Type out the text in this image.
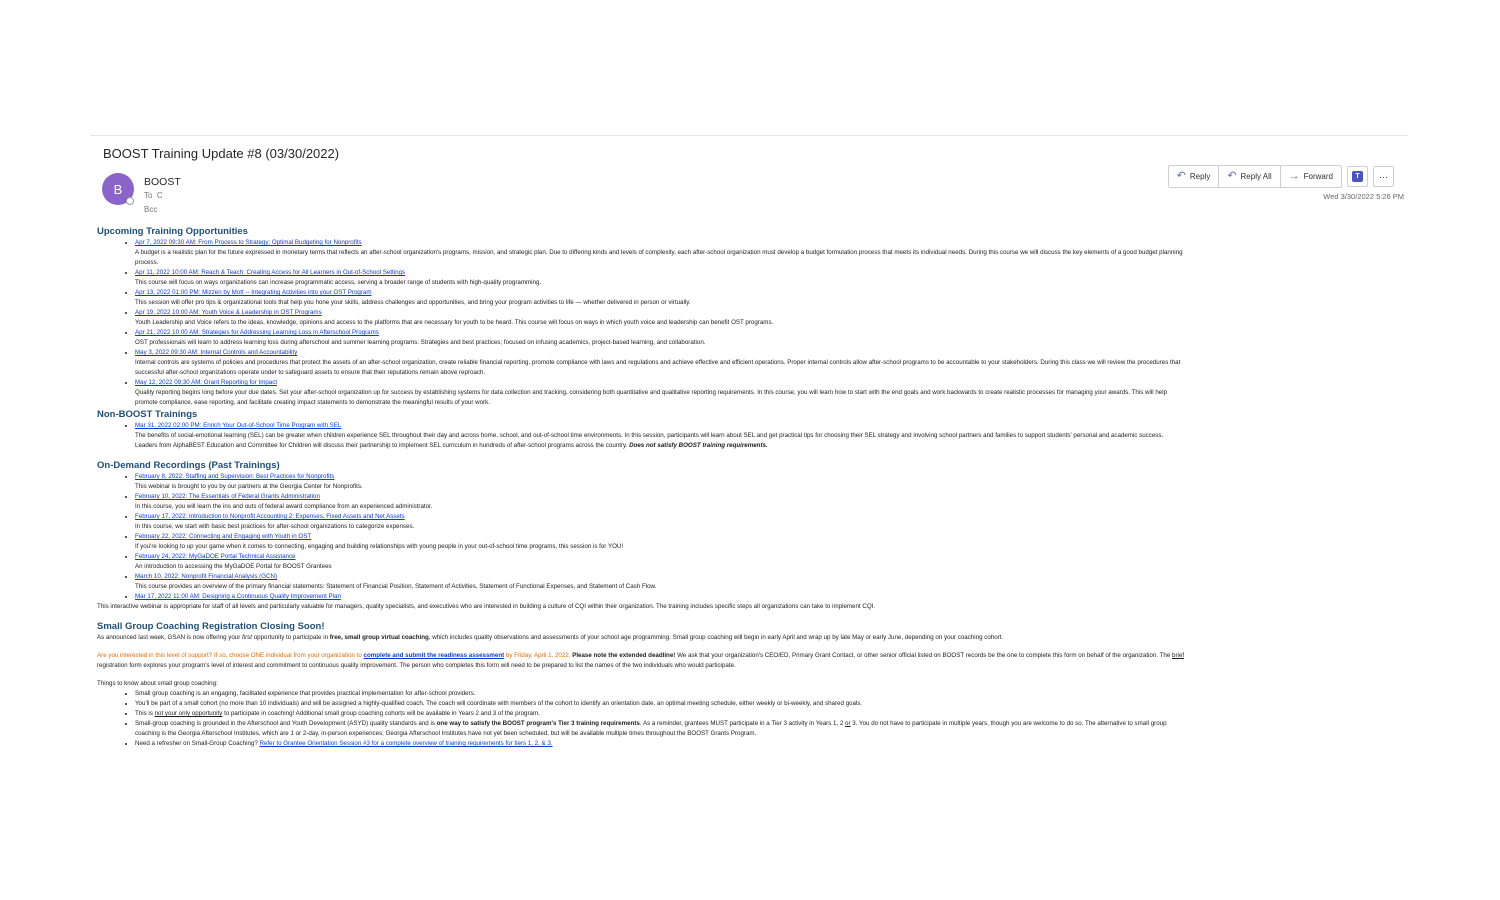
BOOST Training Update #8 (03/30/2022)
B BOOST
To C
Bcc
↶ Reply ↶ Reply All → Forward	T	···
Wed 3/30/2022 5:26 PM
Upcoming Training Opportunities
• Apr 7, 2022 09:30 AM: From Process to Strategy: Optimal Budgeting for Nonprofits
A budget is a realistic plan for the future expressed in monetary terms that reflects an after-school organization's programs, mission, and strategic plan. Due to differing kinds and levels of complexity, each after-school organization must develop a budget formulation process that meets its individual needs. During this course we will discuss the key elements of a good budget planning process.
• Apr 11, 2022 10:00 AM: Reach & Teach: Creating Access for All Learners in Out-of-School Settings
This course will focus on ways organizations can increase programmatic access, serving a broader range of students with high-quality programming.
• Apr 13, 2022 01:00 PM: Mizzen by Mott -- Integrating Activities into your OST Program
This session will offer pro tips & organizational tools that help you hone your skills, address challenges and opportunities, and bring your program activities to life — whether delivered in person or virtually.
• Apr 19, 2022 10:00 AM: Youth Voice & Leadership in OST Programs
Youth Leadership and Voice refers to the ideas, knowledge, opinions and access to the platforms that are necessary for youth to be heard. This course will focus on ways in which youth voice and leadership can benefit OST programs.
• Apr 21, 2022 10:00 AM: Strategies for Addressing Learning Loss in Afterschool Programs
OST professionals will learn to address learning loss during afterschool and summer learning programs. Strategies and best practices; focused on infusing academics, project-based learning, and collaboration.
• May 3, 2022 09:30 AM: Internal Controls and Accountability
Internal controls are systems of policies and procedures that protect the assets of an after-school organization, create reliable financial reporting, promote compliance with laws and regulations and achieve effective and efficient operations. Proper internal controls allow after-school programs to be accountable to your stakeholders. During this class we will review the procedures that successful after-school organizations operate under to safeguard assets to ensure that their reputations remain above reproach.
• May 12, 2022 09:30 AM: Grant Reporting for Impact
Quality reporting begins long before your due dates. Set your after-school organization up for success by establishing systems for data collection and tracking, considering both quantitative and qualitative reporting requirements. In this course, you will learn how to start with the end goals and work backwards to create realistic processes for managing your awards. This will help promote compliance, ease reporting, and facilitate creating impact statements to demonstrate the meaningful results of your work.
Non-BOOST Trainings
• Mar 31, 2022 02:00 PM: Enrich Your Out-of-School Time Program with SEL
The benefits of social-emotional learning (SEL) can be greater when children experience SEL throughout their day and across home, school, and out-of-school time environments. In this session, participants will learn about SEL and get practical tips for choosing their SEL strategy and involving school partners and families to support students' personal and academic success. Leaders from AlphaBEST Education and Committee for Children will discuss their partnership to implement SEL curriculum in hundreds of after-school programs across the country. Does not satisfy BOOST training requirements.
On-Demand Recordings (Past Trainings)
• February 8, 2022: Staffing and Supervision: Best Practices for Nonprofits
This webinar is brought to you by our partners at the Georgia Center for Nonprofits.
• February 10, 2022: The Essentials of Federal Grants Administration
In this course, you will learn the ins and outs of federal award compliance from an experienced administrator.
• February 17, 2022: Introduction to Nonprofit Accounting 2: Expenses, Fixed Assets and Net Assets
In this course, we start with basic best practices for after-school organizations to categorize expenses.
• February 22, 2022: Connecting and Engaging with Youth in OST
If you're looking to up your game when it comes to connecting, engaging and building relationships with young people in your out-of-school time programs, this session is for YOU!
• February 24, 2022: MyGaDOE Portal Technical Assistance
An introduction to accessing the MyGaDOE Portal for BOOST Grantees
• March 10, 2022: Nonprofit Financial Analysis (GCN)
This course provides an overview of the primary financial statements: Statement of Financial Position, Statement of Activities, Statement of Functional Expenses, and Statement of Cash Flow.
• Mar 17, 2022 11:00 AM: Designing a Continuous Quality Improvement Plan

This interactive webinar is appropriate for staff of all levels and particularly valuable for managers, quality specialists, and executives who are interested in building a culture of CQI within their organization. The training includes specific steps all organizations can take to implement CQI.

Small Group Coaching Registration Closing Soon!

As announced last week, GSAN is now offering your first opportunity to participate in free, small group virtual coaching, which includes quality observations and assessments of your school age programming. Small group coaching will begin in early April and wrap up by late May or early June, depending on your coaching cohort.

Are you interested in this level of support? If so, choose ONE individual from your organization to complete and submit the readiness assessment by Friday, April 1, 2022. Please note the extended deadline! We ask that your organization's CEO/ED, Primary Grant Contact, or other senior official listed on BOOST records be the one to complete this form on behalf of the organization. The brief registration form explores your program's level of interest and commitment to continuous quality improvement. The person who completes this form will need to be prepared to list the names of the two individuals who would participate.

Things to know about small group coaching:

• Small group coaching is an engaging, facilitated experience that provides practical implementation for after-school providers.
• You'll be part of a small cohort (no more than 10 individuals) and will be assigned a highly-qualified coach. The coach will coordinate with members of the cohort to identify an orientation date, an optimal meeting schedule, either weekly or bi-weekly, and shared goals.
• This is not your only opportunity to participate in coaching! Additional small group coaching cohorts will be available in Years 2 and 3 of the program.
• Small-group coaching is grounded in the Afterschool and Youth Development (ASYD) quality standards and is one way to satisfy the BOOST program's Tier 3 training requirements. As a reminder, grantees MUST participate in a Tier 3 activity in Years 1, 2 or 3. You do not have to participate in multiple years, though you are welcome to do so. The alternative to small group coaching is the Georgia Afterschool Institutes, which are 1 or 2-day, in-person experiences; Georgia Afterschool Institutes have not yet been scheduled, but will be available multiple times throughout the BOOST Grants Program.
• Need a refresher on Small-Group Coaching? Refer to Grantee Orientation Session #3 for a complete overview of training requirements for tiers 1, 2, & 3.
